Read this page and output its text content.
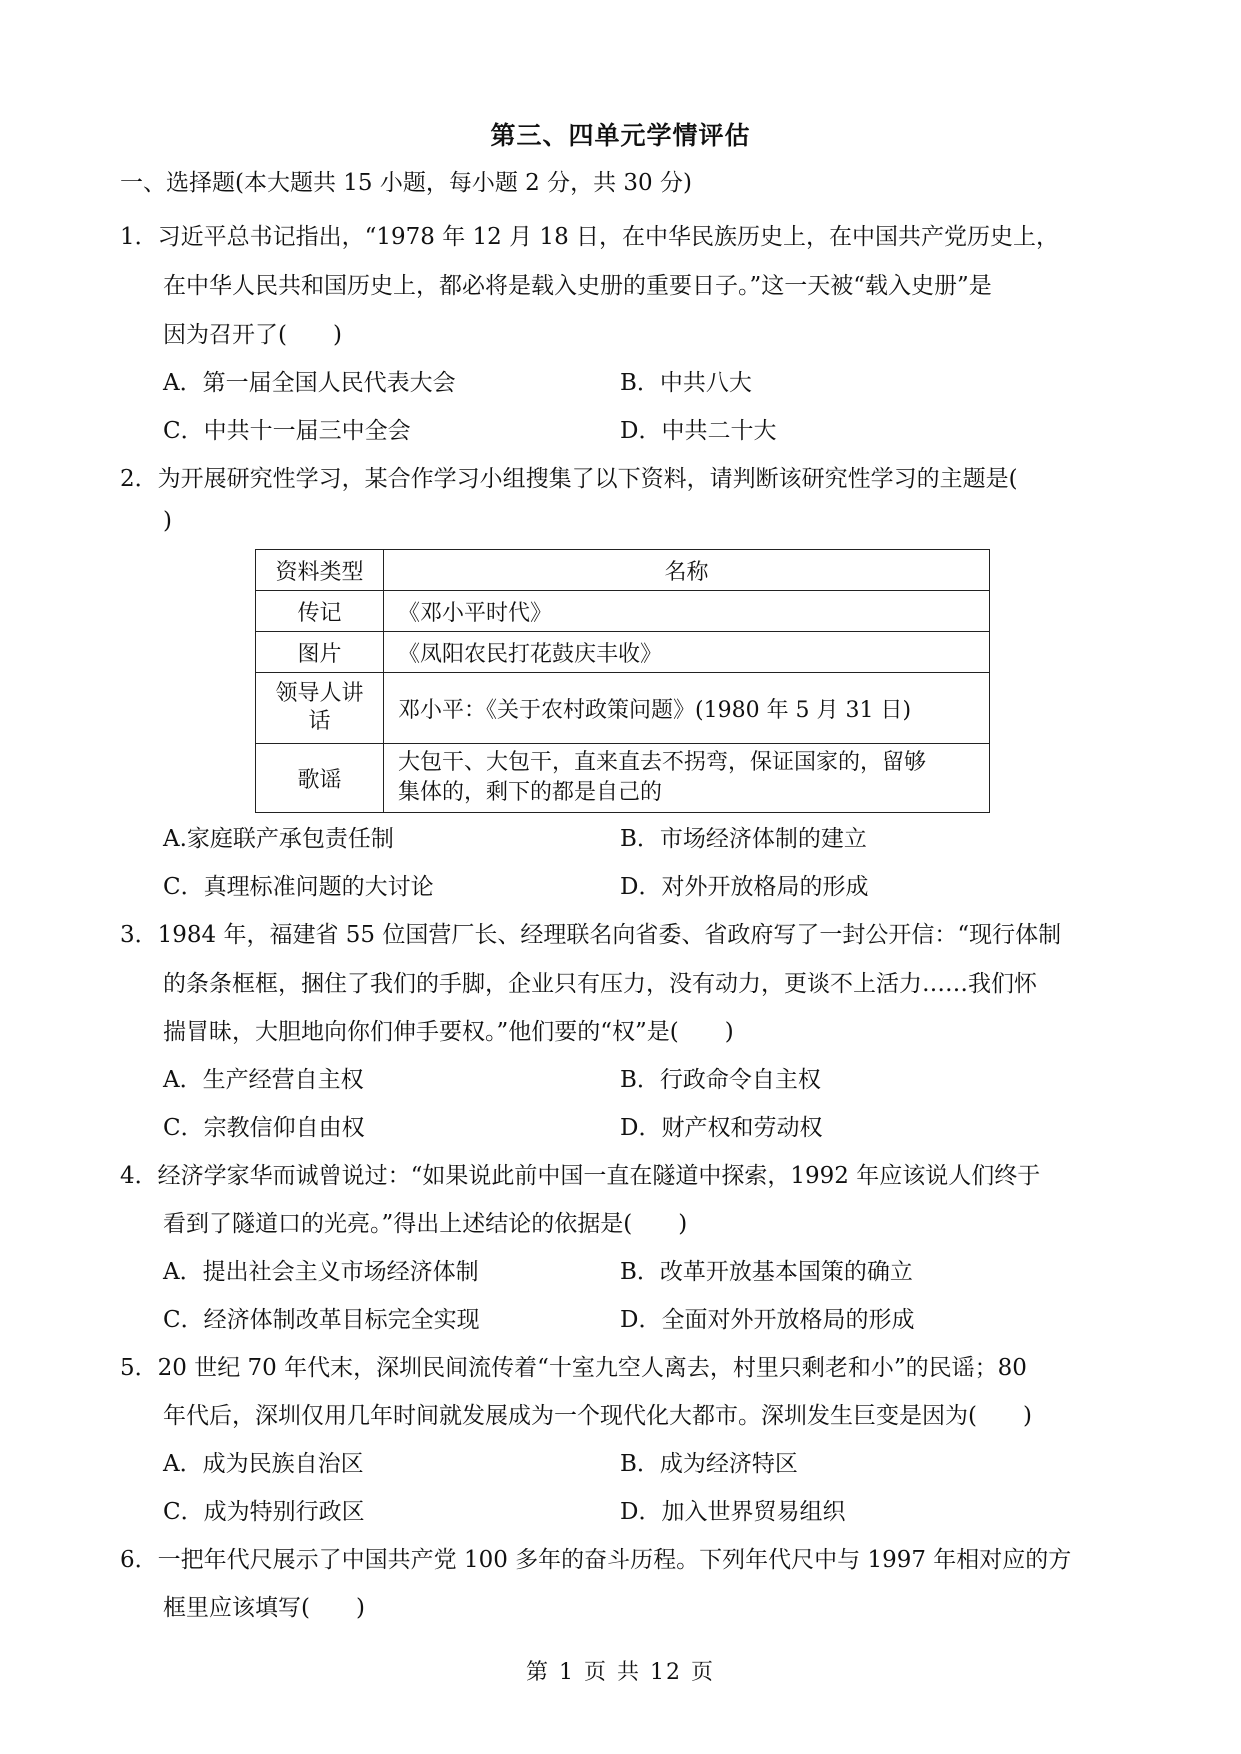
第三、四单元学情评估
一、选择题(本大题共 15 小题，每小题 2 分，共 30 分)
1．习近平总书记指出，“1978 年 12 月 18 日，在中华民族历史上，在中国共产党历史上，
在中华人民共和国历史上，都必将是载入史册的重要日子。”这一天被“载入史册”是
因为召开了(　　)
A．第一届全国人民代表大会	B．中共八大
C．中共十一届三中全会	D．中共二十大
2．为开展研究性学习，某合作学习小组搜集了以下资料，请判断该研究性学习的主题是(
)
资料类型	名称
传记	《邓小平时代》
图片	《凤阳农民打花鼓庆丰收》

领导人讲话	邓小平：《关于农村政策问题》(1980 年 5 月 31 日)
歌谣	大包干、大包干，直来直去不拐弯，保证国家的，留够集体的，剩下的都是自己的
A.家庭联产承包责任制	B．市场经济体制的建立
C．真理标准问题的大讨论	D．对外开放格局的形成
3．1984 年，福建省 55 位国营厂长、经理联名向省委、省政府写了一封公开信：“现行体制
的条条框框，捆住了我们的手脚，企业只有压力，没有动力，更谈不上活力……我们怀
揣冒昧，大胆地向你们伸手要权。”他们要的“权”是(　　)
A．生产经营自主权	B．行政命令自主权
C．宗教信仰自由权	D．财产权和劳动权
4．经济学家华而诚曾说过：“如果说此前中国一直在隧道中探索，1992 年应该说人们终于
看到了隧道口的光亮。”得出上述结论的依据是(　　)
A．提出社会主义市场经济体制	B．改革开放基本国策的确立
C．经济体制改革目标完全实现	D．全面对外开放格局的形成
5．20 世纪 70 年代末，深圳民间流传着“十室九空人离去，村里只剩老和小”的民谣；80
年代后，深圳仅用几年时间就发展成为一个现代化大都市。深圳发生巨变是因为(　　)
A．成为民族自治区	B．成为经济特区
C．成为特别行政区	D．加入世界贸易组织
6．一把年代尺展示了中国共产党 100 多年的奋斗历程。下列年代尺中与 1997 年相对应的方
框里应该填写(　　)
第 1 页 共 12 页
